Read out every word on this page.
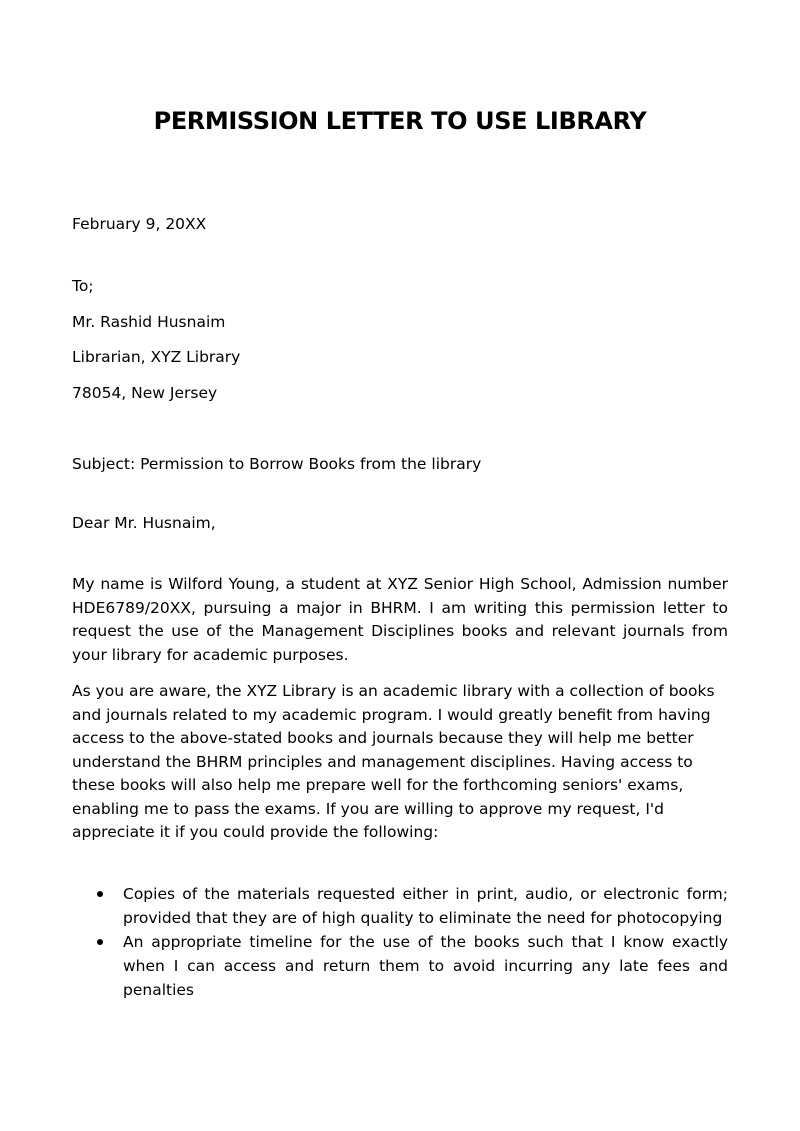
PERMISSION LETTER TO USE LIBRARY

February 9, 20XX

To;

Mr. Rashid Husnaim

Librarian, XYZ Library

78054, New Jersey

Subject: Permission to Borrow Books from the library

Dear Mr. Husnaim,

My name is Wilford Young, a student at XYZ Senior High School, Admission number HDE6789/20XX, pursuing a major in BHRM. I am writing this permission letter to request the use of the Management Disciplines books and relevant journals from your library for academic purposes.

As you are aware, the XYZ Library is an academic library with a collection of books and journals related to my academic program. I would greatly benefit from having access to the above-stated books and journals because they will help me better understand the BHRM principles and management disciplines. Having access to these books will also help me prepare well for the forthcoming seniors' exams, enabling me to pass the exams. If you are willing to approve my request, I'd appreciate it if you could provide the following:

Copies of the materials requested either in print, audio, or electronic form; provided that they are of high quality to eliminate the need for photocopying
An appropriate timeline for the use of the books such that I know exactly when I can access and return them to avoid incurring any late fees and penalties
